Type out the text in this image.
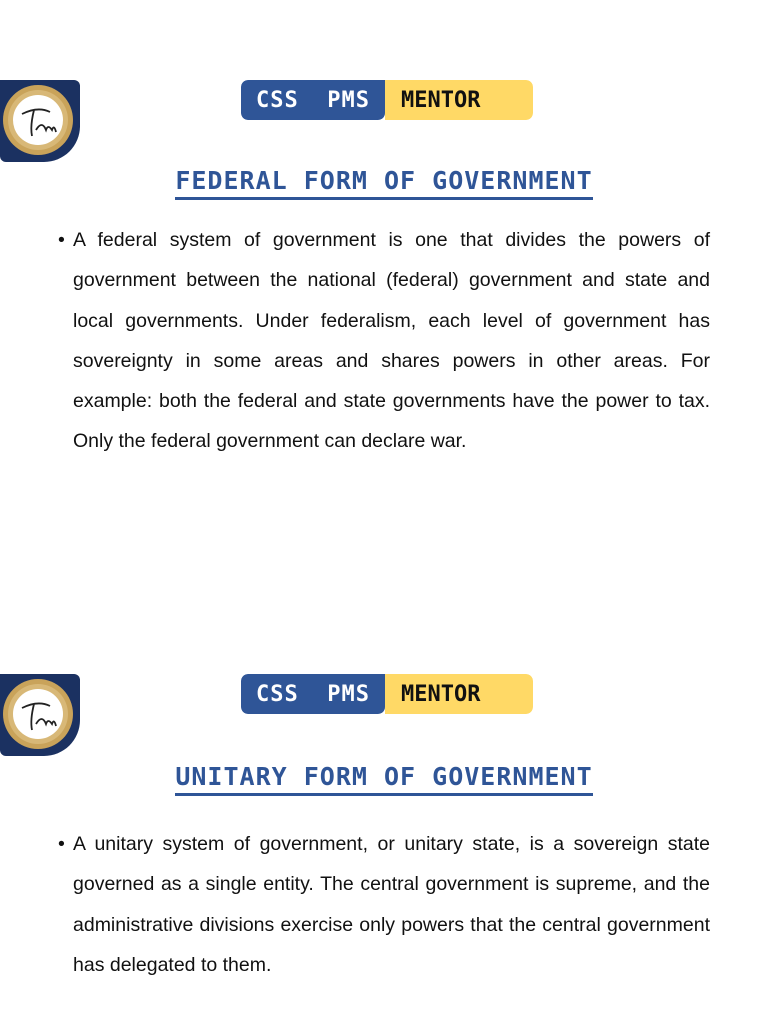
CSS  PMS	MENTOR
FEDERAL FORM OF GOVERNMENT
• A federal system of government is one that divides the powers of government between the national (federal) government and state and local governments. Under federalism, each level of government has sovereignty in some areas and shares powers in other areas. For example: both the federal and state governments have the power to tax. Only the federal government can declare war.

CSS  PMS	MENTOR
UNITARY FORM OF GOVERNMENT
• A unitary system of government, or unitary state, is a sovereign state governed as a single entity. The central government is supreme, and the administrative divisions exercise only powers that the central government has delegated to them.
